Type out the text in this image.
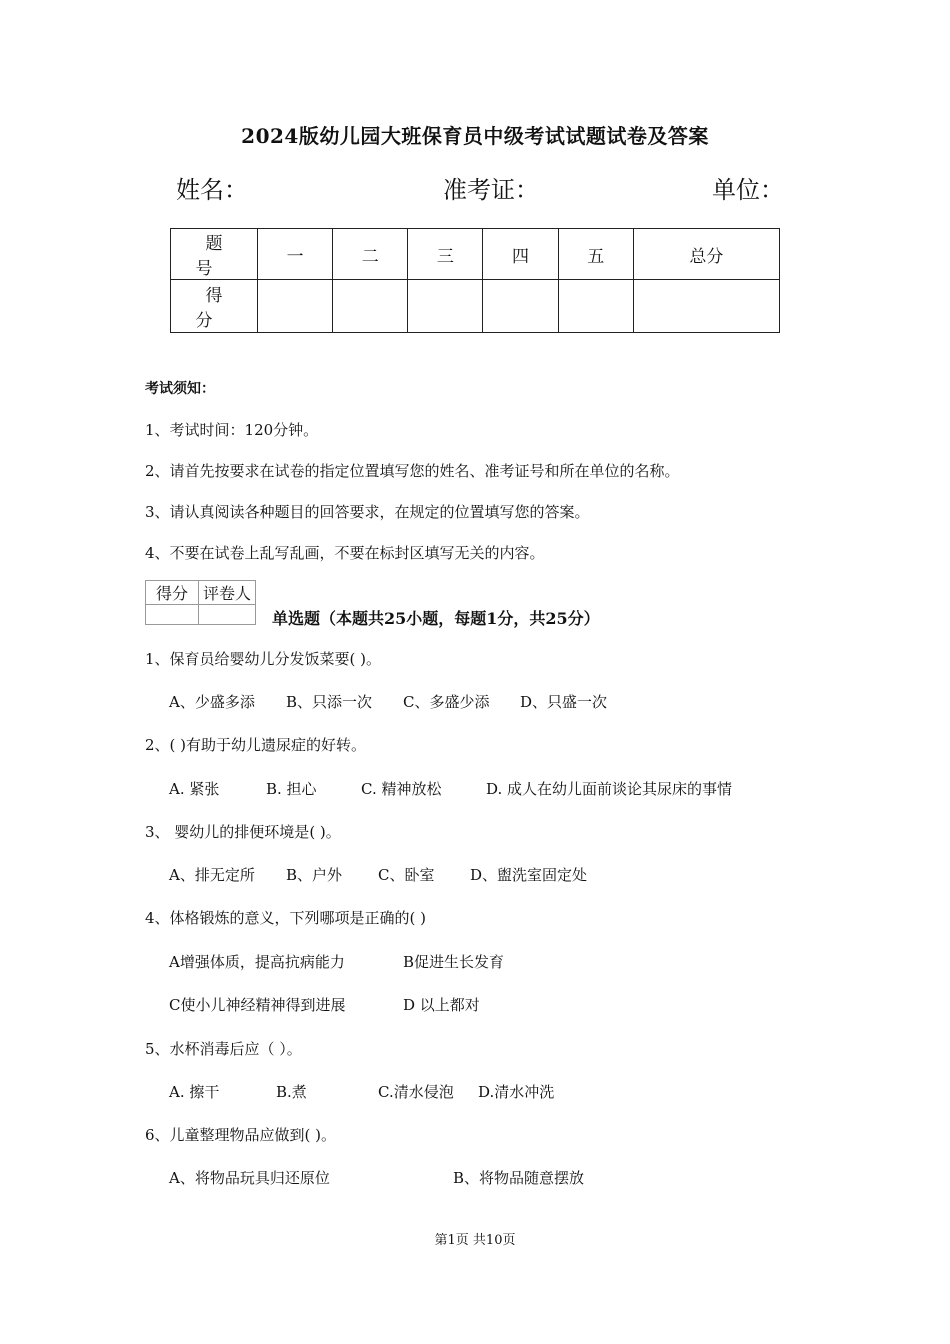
2024版幼儿园大班保育员中级考试试题试卷及答案
姓名：	准考证：	单位：
题 号	一	二	三	四	五	总分
得 分						
考试须知：
1、考试时间：120分钟。
2、请首先按要求在试卷的指定位置填写您的姓名、准考证号和所在单位的名称。
3、请认真阅读各种题目的回答要求，在规定的位置填写您的答案。
4、不要在试卷上乱写乱画，不要在标封区填写无关的内容。
得分	评卷人

单选题（本题共25小题，每题1分，共25分）
1、保育员给婴幼儿分发饭菜要( )。
A、少盛多添 B、只添一次 C、多盛少添 D、只盛一次
2、( )有助于幼儿遗尿症的好转。
A. 紧张	B. 担心	C. 精神放松	D. 成人在幼儿面前谈论其尿床的事情
3、 婴幼儿的排便环境是( )。
A、排无定所 B、户外 C、卧室 D、盥洗室固定处
4、体格锻炼的意义，下列哪项是正确的( )
A增强体质，提高抗病能力	B促进生长发育
C使小儿神经精神得到进展	D 以上都对
5、水杯消毒后应（ ）。
A. 擦干	B.煮	C.清水侵泡 D.清水冲洗
6、儿童整理物品应做到( )。
A、将物品玩具归还原位	B、将物品随意摆放
第1页 共10页
